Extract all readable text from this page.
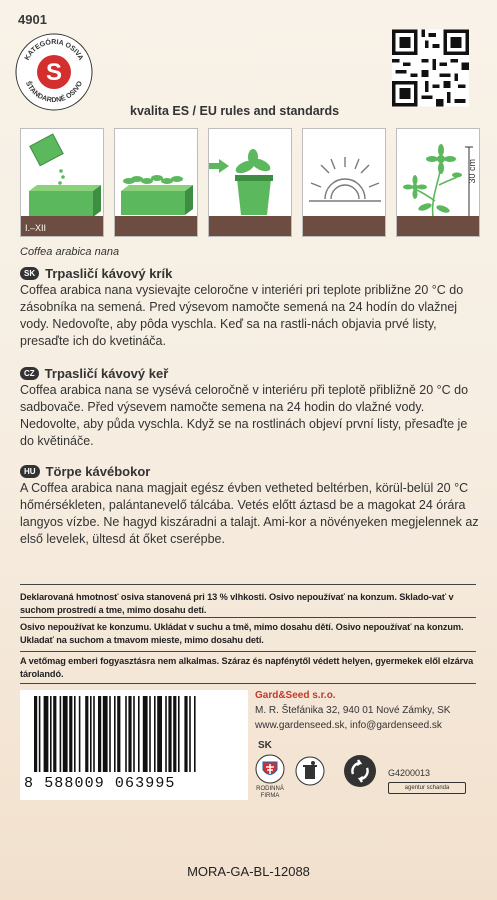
4901
KATEGÓRIA OSIVA
ŠTANDARDNÉ OSIVO
S
kvalita ES / EU rules and standards
I.–XII
30 cm
Coffea arabica nana
SK Trpasličí kávový krík
Coffea arabica nana vysievajte celoročne v interiéri pri teplote približne 20 °C do zásobníka na semená. Pred výsevom namočte semená na 24 hodín do vlažnej vody. Nedovoľte, aby pôda vyschla. Keď sa na rastli-nách objavia prvé listy, presaďte ich do kvetináča.
CZ Trpasličí kávový keř
Coffea arabica nana se vysévá celoročně v interiéru při teplotě přibližně 20 °C do sadbovače. Před výsevem namočte semena na 24 hodin do vlažné vody. Nedovolte, aby půda vyschla. Když se na rostlinách objeví první listy, přesaďte je do květináče.
HU Törpe kávébokor
A Coffea arabica nana magjait egész évben vetheted beltérben, körül-belül 20 °C hőmérsékleten, palántanevelő tálcába. Vetés előtt áztasd be a magokat 24 órára langyos vízbe. Ne hagyd kiszáradni a talajt. Ami-kor a növényeken megjelennek az első levelek, ültesd át őket cserépbe.
Deklarovaná hmotnosť osiva stanovená pri 13 % vlhkosti. Osivo nepoužívať na konzum. Sklado-vať v suchom prostredí a tme, mimo dosahu detí.
Osivo nepoužívat ke konzumu. Ukládat v suchu a tmě, mimo dosahu dětí. Osivo nepoužívať na konzum. Ukladať na suchom a tmavom mieste, mimo dosahu detí.
A vetőmag emberi fogyasztásra nem alkalmas. Száraz és napfénytől védett helyen, gyermekek elől elzárva tárolandó.
8 588009 063995
Gard&Seed s.r.o.
M. R. Štefánika 32, 940 01 Nové Zámky, SK
www.gardenseed.sk, info@gardenseed.sk
SK
RODINNÁ FIRMA
G4200013
agentur schanda
MORA-GA-BL-12088
